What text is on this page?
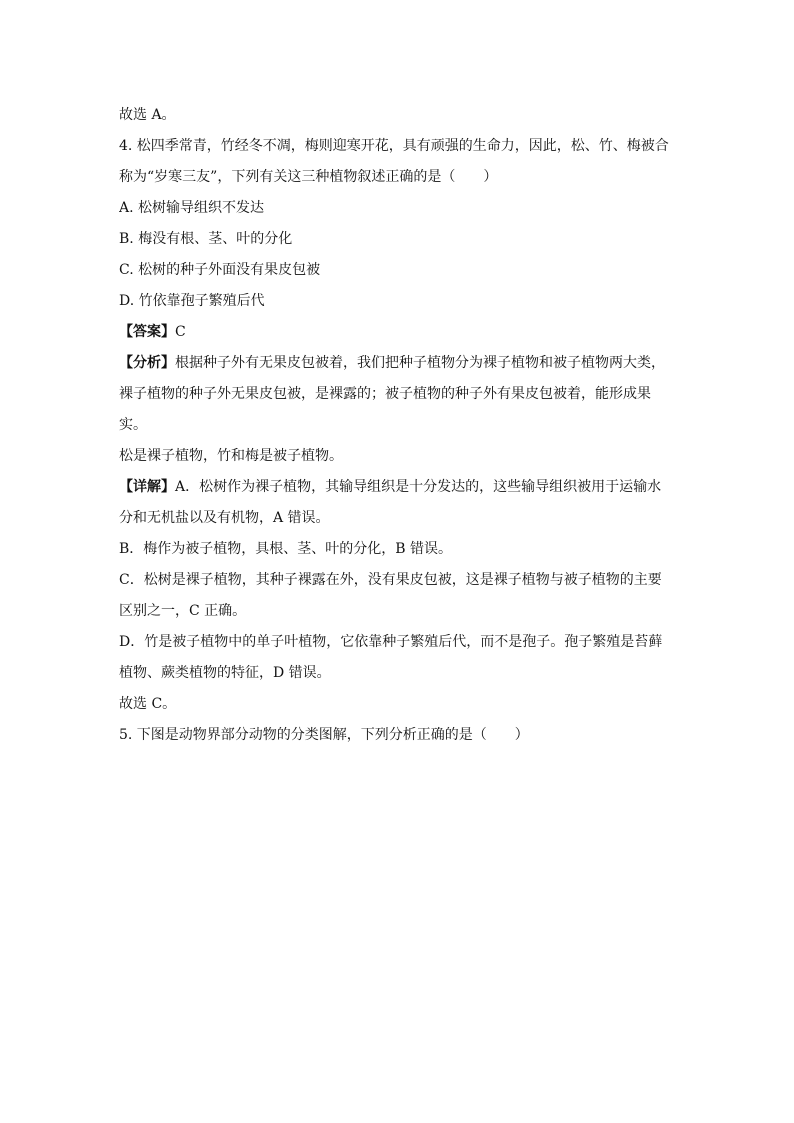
故选 A。
4. 松四季常青，竹经冬不凋，梅则迎寒开花，具有顽强的生命力，因此，松、竹、梅被合
称为“岁寒三友”，下列有关这三种植物叙述正确的是（　　）
A. 松树输导组织不发达
B. 梅没有根、茎、叶的分化
C. 松树的种子外面没有果皮包被
D. 竹依靠孢子繁殖后代
【答案】C
【分析】根据种子外有无果皮包被着，我们把种子植物分为裸子植物和被子植物两大类，
裸子植物的种子外无果皮包被，是裸露的；被子植物的种子外有果皮包被着，能形成果
实。
松是裸子植物，竹和梅是被子植物。
【详解】A．松树作为裸子植物，其输导组织是十分发达的，这些输导组织被用于运输水
分和无机盐以及有机物，A 错误。
B．梅作为被子植物，具根、茎、叶的分化，B 错误。
C．松树是裸子植物，其种子裸露在外，没有果皮包被，这是裸子植物与被子植物的主要
区别之一，C 正确。
D．竹是被子植物中的单子叶植物，它依靠种子繁殖后代，而不是孢子。孢子繁殖是苔藓
植物、蕨类植物的特征，D 错误。
故选 C。
5. 下图是动物界部分动物的分类图解，下列分析正确的是（　　）
